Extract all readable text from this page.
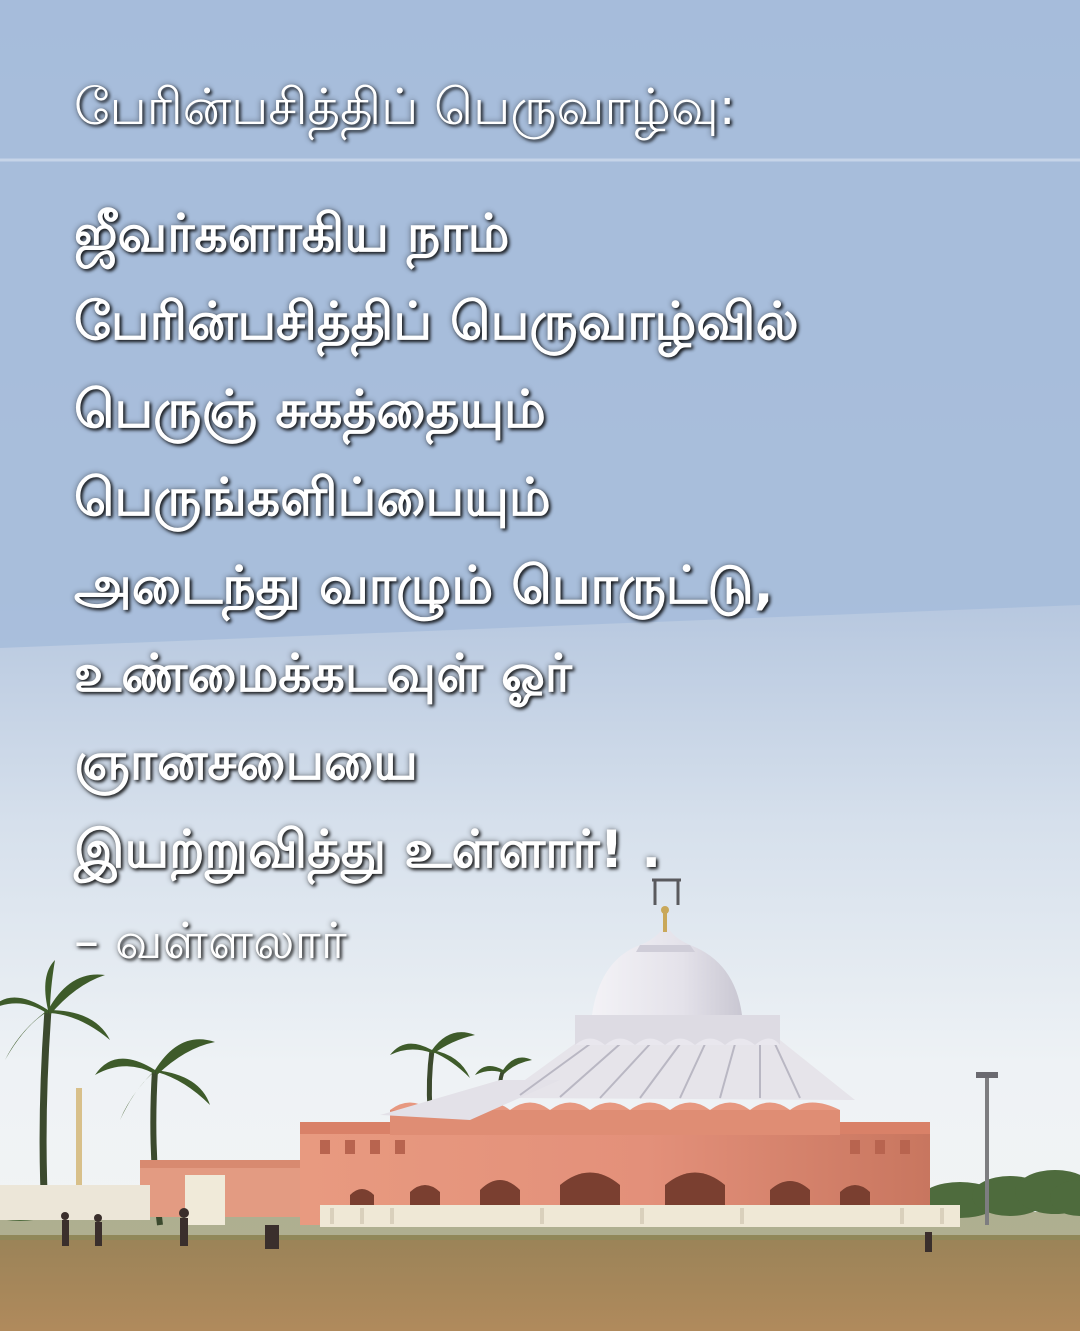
பேரின்பசித்திப் பெருவாழ்வு:
ஜீவர்களாகிய நாம்
பேரின்பசித்திப் பெருவாழ்வில்
பெருஞ் சுகத்தையும்
பெருங்களிப்பையும்
அடைந்து வாழும் பொருட்டு,
உண்மைக்கடவுள் ஓர்
ஞானசபையை
இயற்றுவித்து உள்ளார்! .
– வள்ளலார்
